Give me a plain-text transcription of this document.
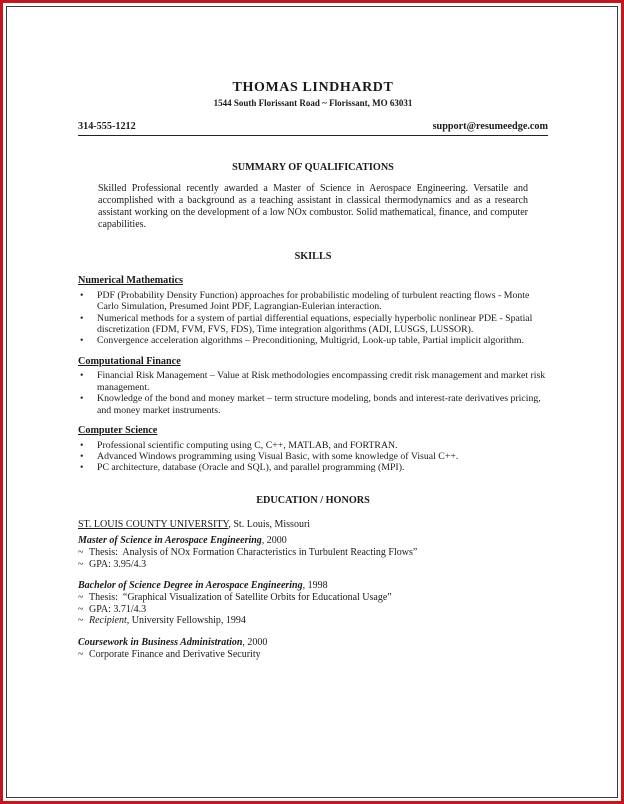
THOMAS LINDHARDT
1544 South Florissant Road ~ Florissant, MO 63031
314-555-1212	support@resumeedge.com
SUMMARY OF QUALIFICATIONS

Skilled Professional recently awarded a Master of Science in Aerospace Engineering. Versatile and accomplished with a background as a teaching assistant in classical thermodynamics and as a research assistant working on the development of a low NOx combustor. Solid mathematical, finance, and computer capabilities.

SKILLS

Numerical Mathematics

• PDF (Probability Density Function) approaches for probabilistic modeling of turbulent reacting flows - Monte Carlo Simulation, Presumed Joint PDF, Lagrangian-Eulerian interaction.
• Numerical methods for a system of partial differential equations, especially hyperbolic nonlinear PDE - Spatial discretization (FDM, FVM, FVS, FDS), Time integration algorithms (ADI, LUSGS, LUSSOR).
• Convergence acceleration algorithms – Preconditioning, Multigrid, Look-up table, Partial implicit algorithm.

Computational Finance

• Financial Risk Management – Value at Risk methodologies encompassing credit risk management and market risk management.
• Knowledge of the bond and money market – term structure modeling, bonds and interest-rate derivatives pricing, and money market instruments.

Computer Science

• Professional scientific computing using C, C++, MATLAB, and FORTRAN.
• Advanced Windows programming using Visual Basic, with some knowledge of Visual C++.
• PC architecture, database (Oracle and SQL), and parallel programming (MPI).
EDUCATION / HONORS

ST. LOUIS COUNTY UNIVERSITY, St. Louis, Missouri

Master of Science in Aerospace Engineering, 2000

~ Thesis: Analysis of NOx Formation Characteristics in Turbulent Reacting Flows”

~ GPA: 3.95/4.3

Bachelor of Science Degree in Aerospace Engineering, 1998

~ Thesis: “Graphical Visualization of Satellite Orbits for Educational Usage”

~ GPA: 3.71/4.3

~ Recipient, University Fellowship, 1994

Coursework in Business Administration, 2000

~ Corporate Finance and Derivative Security
